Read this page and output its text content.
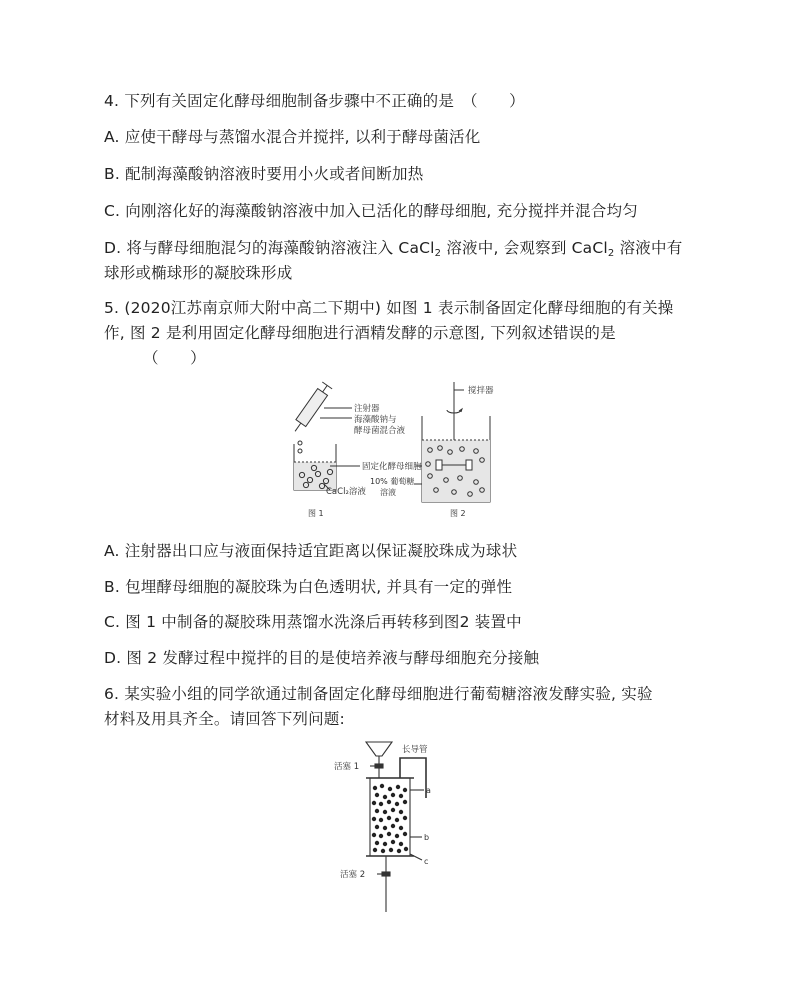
4. 下列有关固定化酵母细胞制备步骤中不正确的是　（　　）
A. 应使干酵母与蒸馏水混合并搅拌, 以利于酵母菌活化
B. 配制海藻酸钠溶液时要用小火或者间断加热
C. 向刚溶化好的海藻酸钠溶液中加入已活化的酵母细胞, 充分搅拌并混合均匀
D. 将与酵母细胞混匀的海藻酸钠溶液注入 CaCl$_2$ 溶液中, 会观察到 CaCl$_2$ 溶液中有
球形或椭球形的凝胶珠形成
5. (2020江苏南京师大附中高二下期中) 如图 1 表示制备固定化酵母细胞的有关操
作, 图 2 是利用固定化酵母细胞进行酒精发酵的示意图, 下列叙述错误的是
（　　）
注射器
海藻酸钠与
酵母菌混合液
固定化酵母细胞
CaCl₂溶液
10% 葡萄糖
溶液
图 1
搅拌器
图 2
A. 注射器出口应与液面保持适宜距离以保证凝胶珠成为球状
B. 包埋酵母细胞的凝胶珠为白色透明状, 并具有一定的弹性
C. 图 1 中制备的凝胶珠用蒸馏水洗涤后再转移到图2 装置中
D. 图 2 发酵过程中搅拌的目的是使培养液与酵母细胞充分接触
6. 某实验小组的同学欲通过制备固定化酵母细胞进行葡萄糖溶液发酵实验, 实验
材料及用具齐全。请回答下列问题:
活塞 1
活塞 2
长导管
a
b
c
